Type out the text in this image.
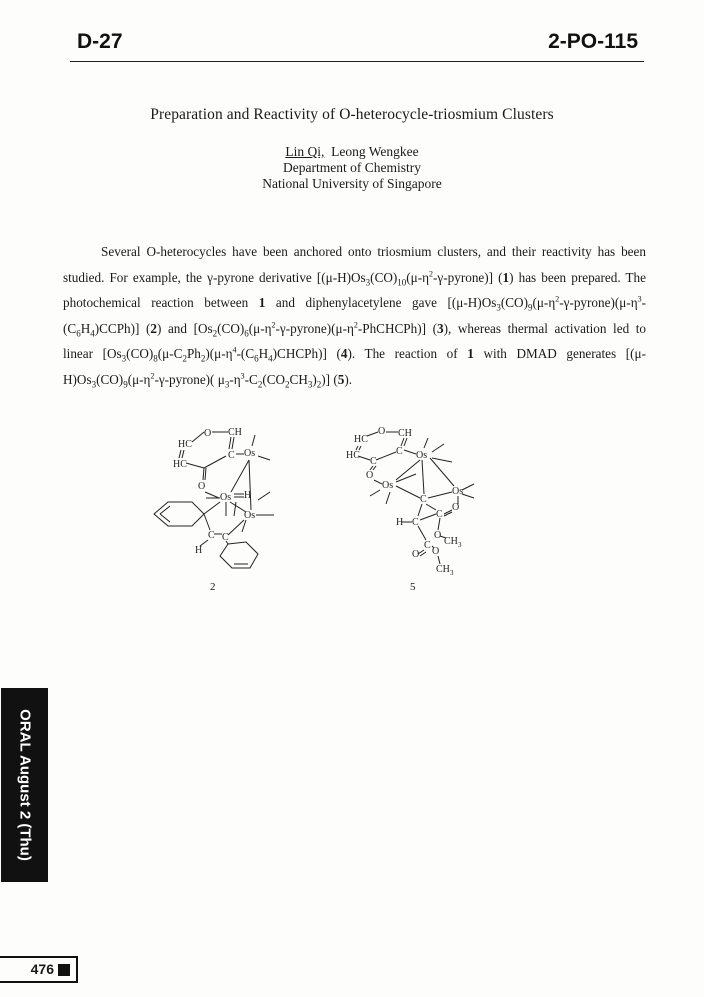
D-27	2-PO-115
Preparation and Reactivity of O-heterocycle-triosmium Clusters
Lin Qi, Leong Wengkee
Department of Chemistry
National University of Singapore

Several O-heterocycles have been anchored onto triosmium clusters, and their reactivity has been studied. For example, the γ-pyrone derivative $[(\mu-H)Os_3(CO)_{10}(\mu-\eta^2-\gamma-pyrone)]$ (1) has been prepared. The photochemical reaction between 1 and diphenylacetylene gave $[(\mu-H)Os_3(CO)_9(\mu-\eta^2-\gamma-pyrone)(\mu-\eta^3-(C_6H_4)CCPh)]$ (2) and $[Os_2(CO)_6(\mu-\eta^2-\gamma-pyrone)(\mu-\eta^2-PhCHCPh)]$ (3), whereas thermal activation led to linear $[Os_3(CO)_8(\mu-C_2Ph_2)(\mu-\eta^4-(C_6H_4)CHCPh)]$ (4). The reaction of 1 with DMAD generates [$(\mu-H)Os_3(CO)_9(\mu-\eta^2-\gamma-pyrone)$( $\mu_3-\eta^3-C_2(CO_2CH_3)_2$)] (5).

HC
O CH
HC
C Os
O
Os H
Os
C C
H
HC
O CH
HC	C Os
C
O
Os
C
Os
H C
C
O
O
C CH 3
O O
CH 3
2	5
ORAL August 2 (Thu)
476
